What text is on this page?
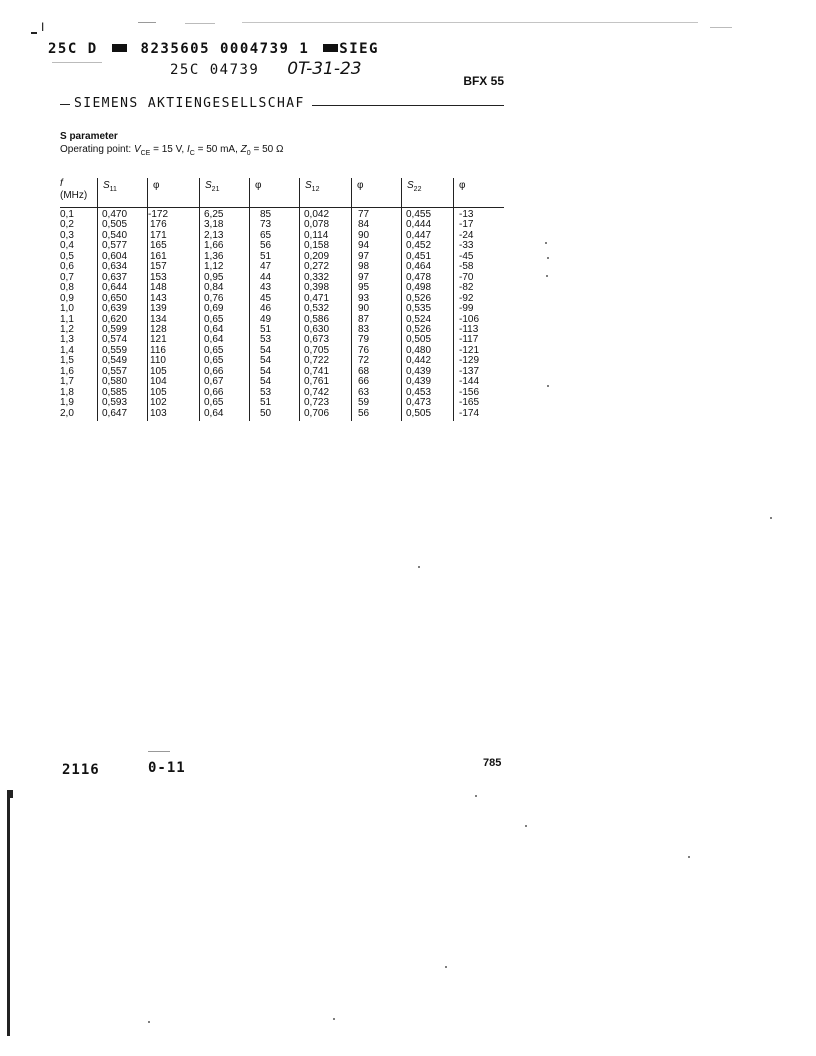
I
25C D	8235605 0004739 1 SIEG
25C 04739 0T-31-23
BFX 55
SIEMENS AKTIENGESELLSCHAF
S parameter
Operating point: $V_{CE} = 15$ V, $I_C = 50$ mA, $Z_0 = 50$ Ω
f
(MHz)
$S_{11}$	φ	$S_{21}$	φ	$S_{12}$	φ	$S_{22}$	φ
0,1	0,470 -172	6,25	85	0,042	77	0,455	-13
0,2	0,505 176	3,18	73	0,078	84	0,444	-17
0,3	0,540 171	2,13	65	0,114	90	0,447	-24
0,4	0,577 165	1,66	56	0,158	94	0,452	-33
0,5	0,604 161	1,36	51	0,209	97	0,451	-45
0,6	0,634 157	1,12	47	0,272	98	0,464	-58
0,7	0,637 153	0,95	44	0,332	97	0,478	-70
0,8	0,644 148	0,84	43	0,398	95	0,498	-82
0,9	0,650 143	0,76	45	0,471	93	0,526	-92
1,0	0,639 139	0,69	46	0,532	90	0,535	-99
1,1	0,620 134	0,65	49	0,586	87	0,524	-106
1,2	0,599 128	0,64	51	0,630	83	0,526	-113
1,3	0,574 121	0,64	53	0,673	79	0,505	-117
1,4	0,559 116	0,65	54	0,705	76	0,480	-121
1,5	0,549 110	0,65	54	0,722	72	0,442	-129
1,6	0,557 105	0,66	54	0,741	68	0,439	-137
1,7	0,580 104	0,67	54	0,761	66	0,439	-144
1,8	0,585 105	0,66	53	0,742	63	0,453	-156
1,9	0,593 102	0,65	51	0,723	59	0,473	-165
2,0	0,647 103	0,64	50	0,706	56	0,505	-174
2116	0-11	785
